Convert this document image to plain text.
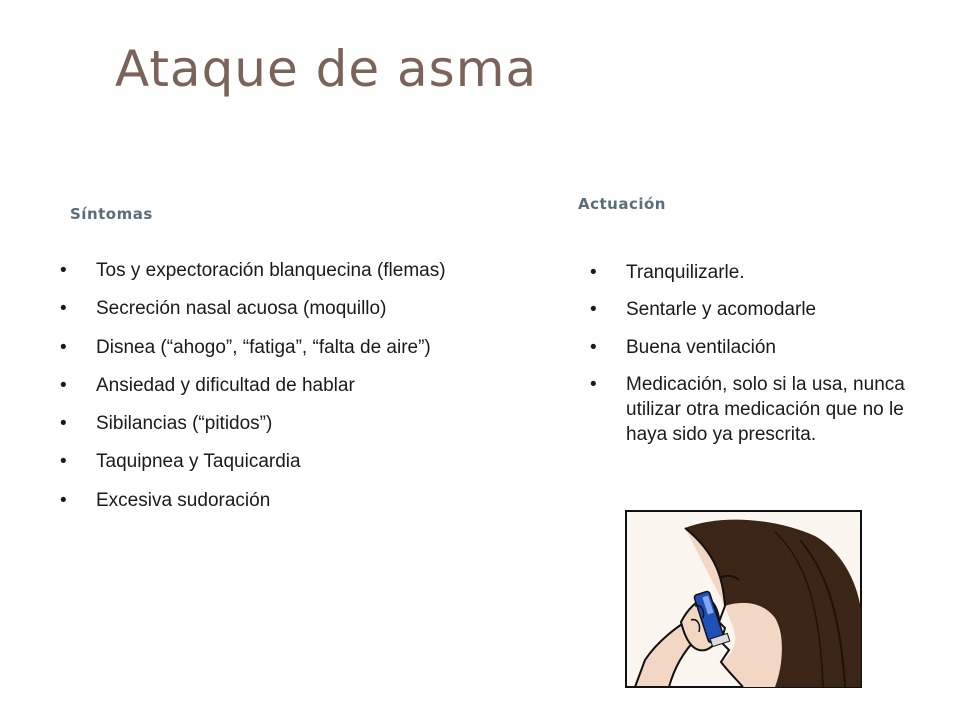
Ataque de asma
Síntomas
Actuación
• Tos y expectoración blanquecina (flemas)
• Secreción nasal acuosa (moquillo)
• Disnea (“ahogo”, “fatiga”, “falta de aire”)
• Ansiedad y dificultad de hablar
• Sibilancias (“pitidos”)
• Taquipnea y Taquicardia
• Excesiva sudoración
• Tranquilizarle.
• Sentarle y acomodarle
• Buena ventilación
• Medicación, solo si la usa, nunca utilizar otra medicación que no le haya sido ya prescrita.
